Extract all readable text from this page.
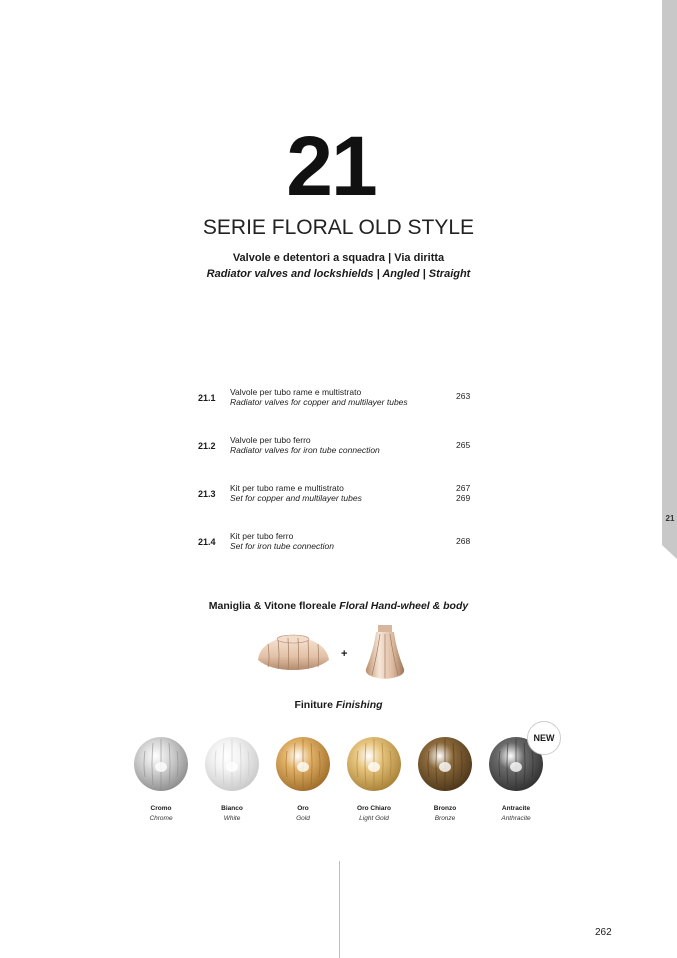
21
21
SERIE FLORAL OLD STYLE
Valvole e detentori a squadra | Via diritta
Radiator valves and lockshields | Angled | Straight
21.1
Valvole per tubo rame e multistrato
Radiator valves for copper and multilayer tubes
263
21.2
Valvole per tubo ferro
Radiator valves for iron tube connection	265
21.3
Kit per tubo rame e multistrato
Set for copper and multilayer tubes
267
269
21.4
Kit per tubo ferro
Set for iron tube connection	268
Maniglia & Vitone floreale Floral Hand-wheel & body
+
Finiture Finishing
Cromo
Chrome
Bianco
White
Oro
Gold
Oro Chiaro
Light Gold
Bronzo
Bronze
Antracite
Anthracite
NEW
262
